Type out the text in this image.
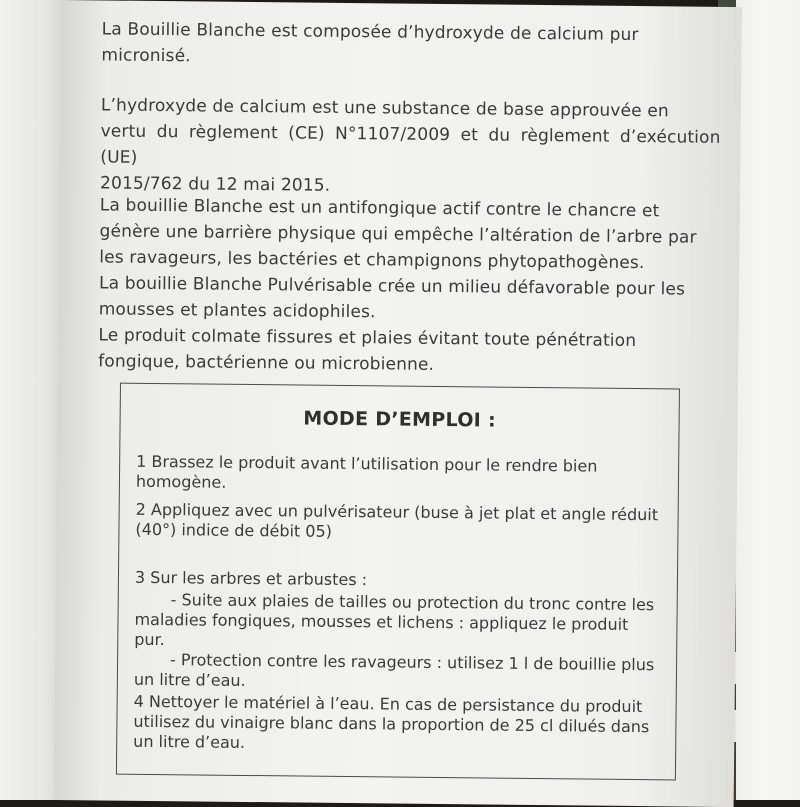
La Bouillie Blanche est composée d’hydroxyde de calcium pur
micronisé.
L’hydroxyde de calcium est une substance de base approuvée en
vertu du règlement (CE) N°1107/2009 et du règlement d’exécution (UE)
2015/762 du 12 mai 2015.
La bouillie Blanche est un antifongique actif contre le chancre et
génère une barrière physique qui empêche l’altération de l’arbre par
les ravageurs, les bactéries et champignons phytopathogènes.
La bouillie Blanche Pulvérisable crée un milieu défavorable pour les
mousses et plantes acidophiles.
Le produit colmate fissures et plaies évitant toute pénétration
fongique, bactérienne ou microbienne.
MODE D’EMPLOI :
1 Brassez le produit avant l’utilisation pour le rendre bien
homogène.
2 Appliquez avec un pulvérisateur (buse à jet plat et angle réduit
(40°) indice de débit 05)
3 Sur les arbres et arbustes :
- Suite aux plaies de tailles ou protection du tronc contre les
maladies fongiques, mousses et lichens : appliquez le produit
pur.
- Protection contre les ravageurs : utilisez 1 l de bouillie plus
un litre d’eau.
4 Nettoyer le matériel à l’eau. En cas de persistance du produit
utilisez du vinaigre blanc dans la proportion de 25 cl dilués dans
un litre d’eau.
